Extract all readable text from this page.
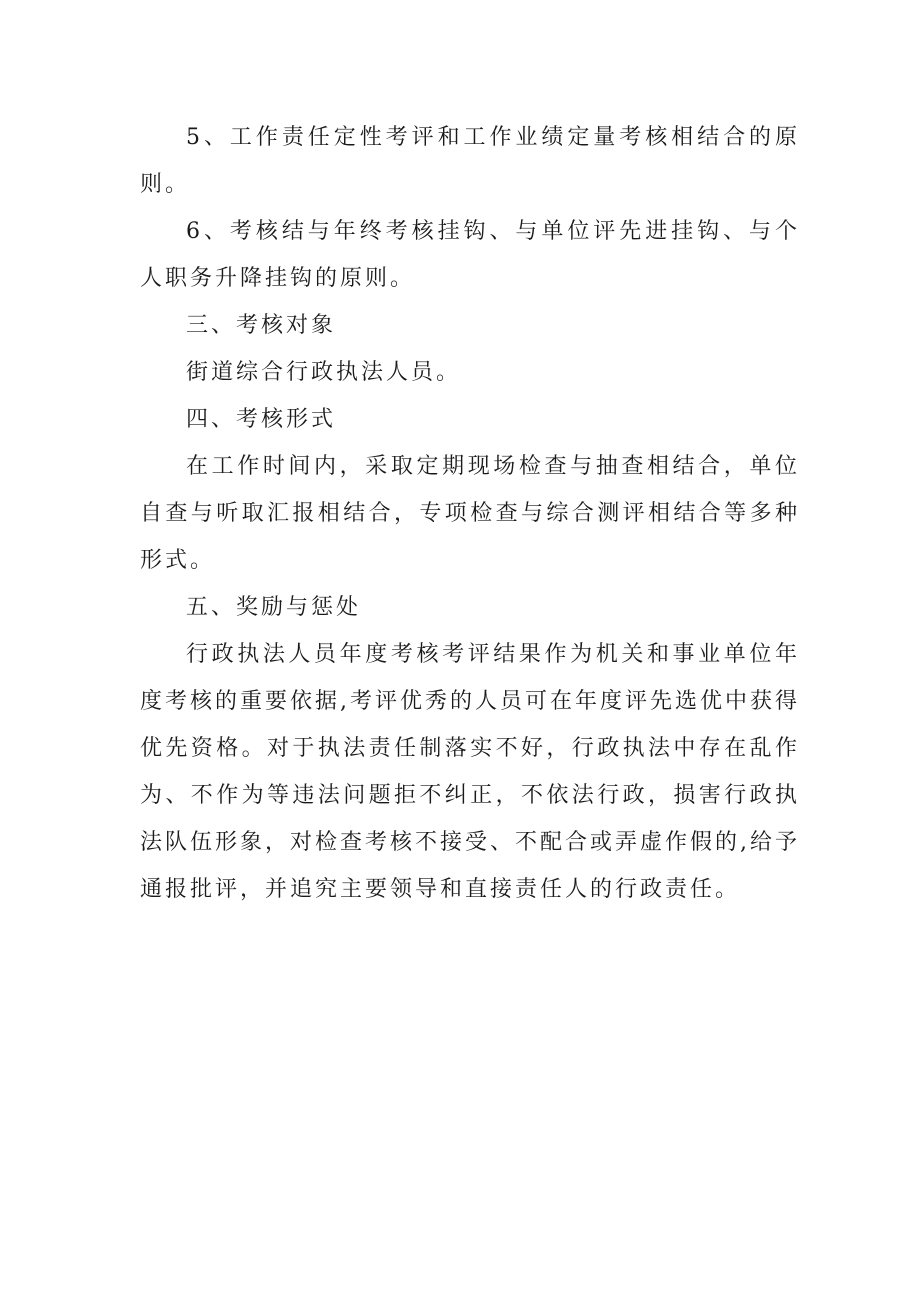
5、工作责任定性考评和工作业绩定量考核相结合的原则。

6、考核结与年终考核挂钩、与单位评先进挂钩、与个人职务升降挂钩的原则。

三、考核对象

街道综合行政执法人员。

四、考核形式

在工作时间内，采取定期现场检查与抽查相结合，单位自查与听取汇报相结合，专项检查与综合测评相结合等多种形式。

五、奖励与惩处

行政执法人员年度考核考评结果作为机关和事业单位年度考核的重要依据,考评优秀的人员可在年度评先选优中获得优先资格。对于执法责任制落实不好，行政执法中存在乱作为、不作为等违法问题拒不纠正，不依法行政，损害行政执法队伍形象，对检查考核不接受、不配合或弄虚作假的,给予通报批评，并追究主要领导和直接责任人的行政责任。
